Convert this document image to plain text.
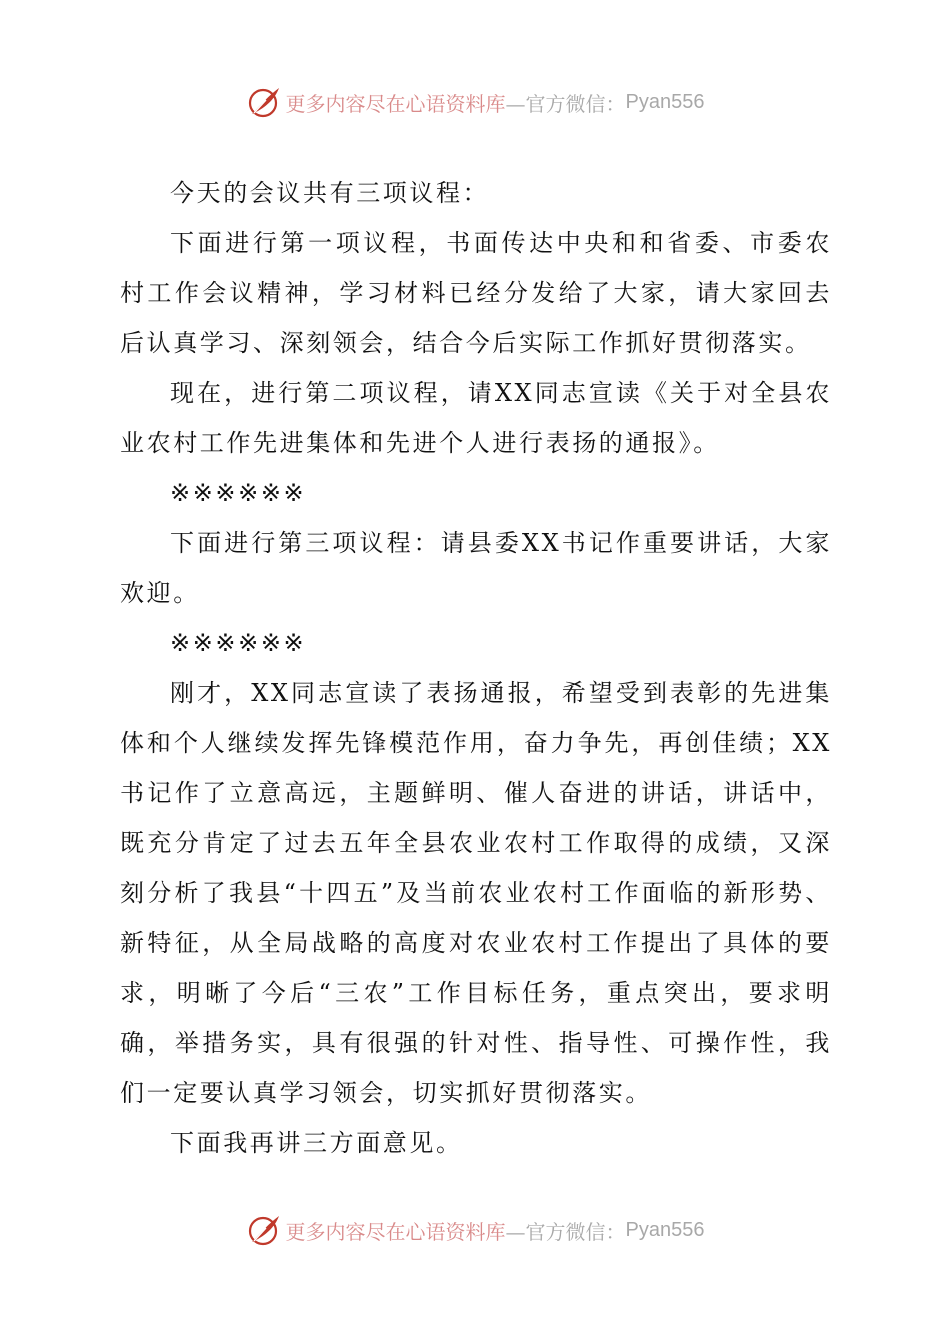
更多内容尽在心语资料库 —官方微信： Pyan556

今天的会议共有三项议程：

下面进行第一项议程，书面传达中央和和省委、市委农村工作会议精神，学习材料已经分发给了大家，请大家回去后认真学习、深刻领会，结合今后实际工作抓好贯彻落实。

现在，进行第二项议程，请XX同志宣读《关于对全县农业农村工作先进集体和先进个人进行表扬的通报》。

※※※※※※

下面进行第三项议程：请县委XX书记作重要讲话，大家欢迎。

※※※※※※

刚才，XX同志宣读了表扬通报，希望受到表彰的先进集体和个人继续发挥先锋模范作用，奋力争先，再创佳绩；XX书记作了立意高远，主题鲜明、催人奋进的讲话，讲话中，既充分肯定了过去五年全县农业农村工作取得的成绩，又深刻分析了我县“十四五”及当前农业农村工作面临的新形势、新特征，从全局战略的高度对农业农村工作提出了具体的要求，明晰了今后“三农”工作目标任务，重点突出，要求明确，举措务实，具有很强的针对性、指导性、可操作性，我们一定要认真学习领会，切实抓好贯彻落实。

下面我再讲三方面意见。

更多内容尽在心语资料库 —官方微信： Pyan556
